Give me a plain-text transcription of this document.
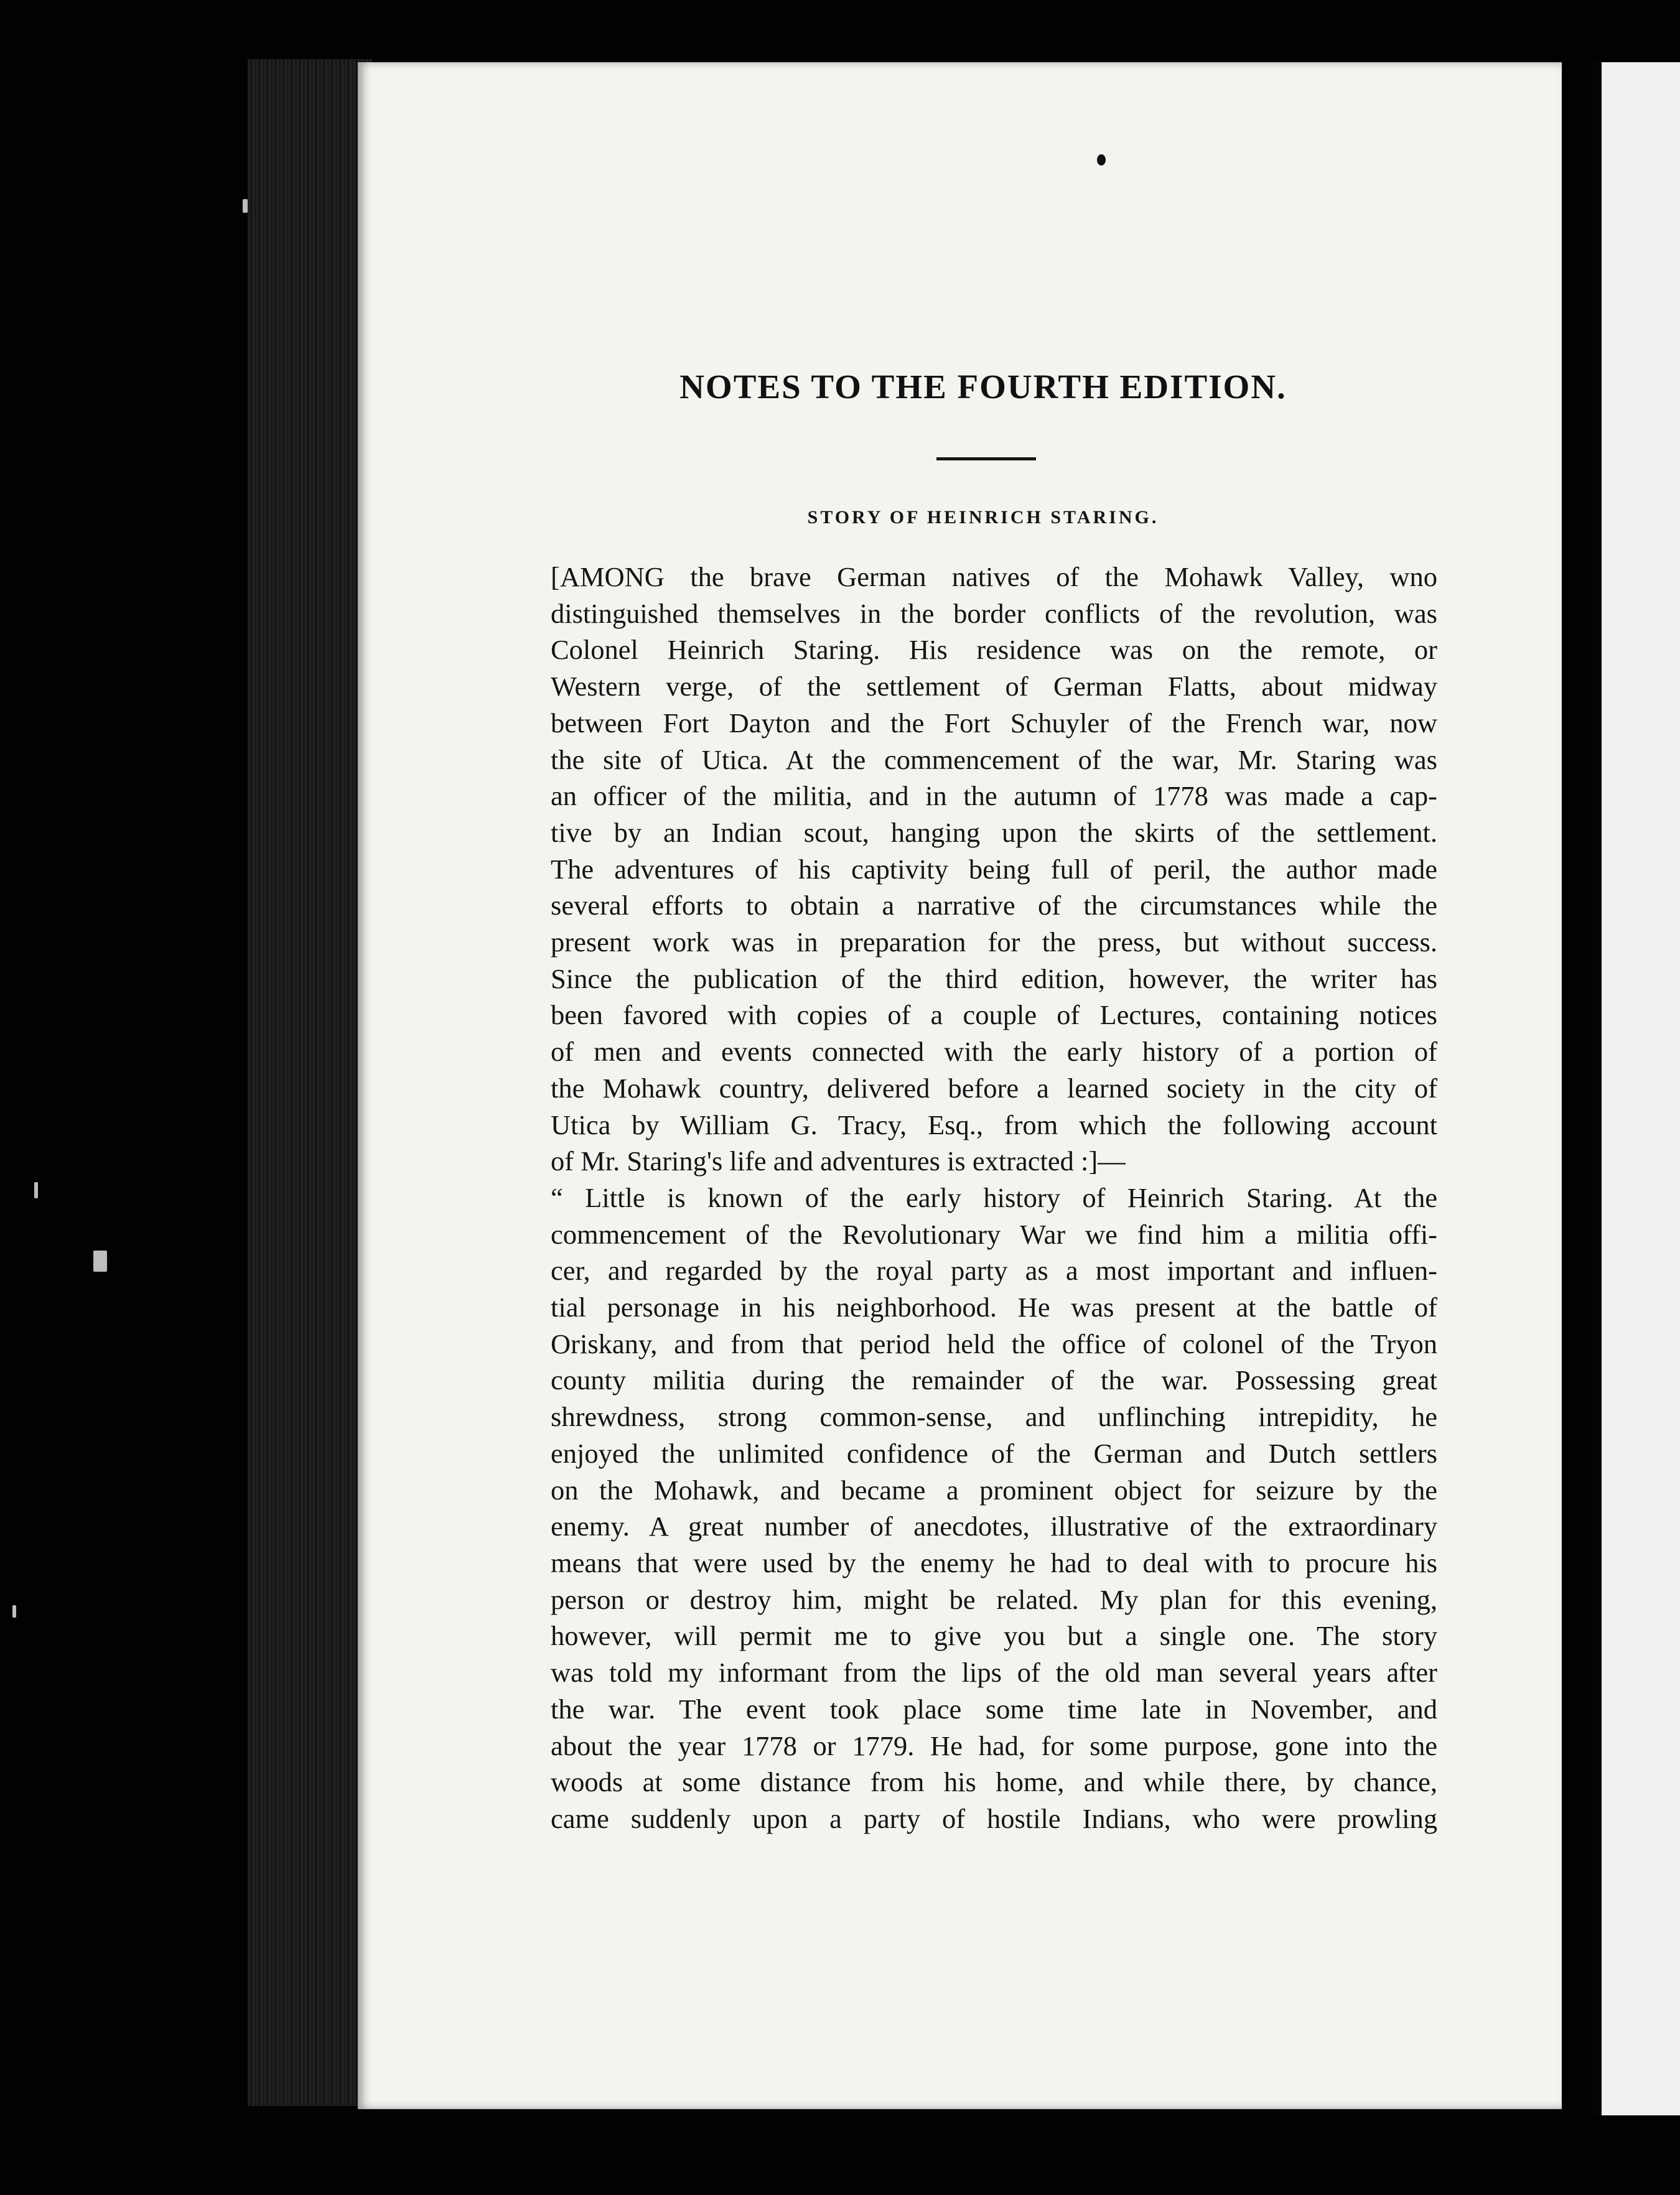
NOTES TO THE FOURTH EDITION.
STORY OF HEINRICH STARING.
[AMONG the brave German natives of the Mohawk Valley, wno
distinguished themselves in the border conflicts of the revolution, was
Colonel Heinrich Staring. His residence was on the remote, or
Western verge, of the settlement of German Flatts, about midway
between Fort Dayton and the Fort Schuyler of the French war, now
the site of Utica. At the commencement of the war, Mr. Staring was
an officer of the militia, and in the autumn of 1778 was made a cap-
tive by an Indian scout, hanging upon the skirts of the settlement.
The adventures of his captivity being full of peril, the author made
several efforts to obtain a narrative of the circumstances while the
present work was in preparation for the press, but without success.
Since the publication of the third edition, however, the writer has
been favored with copies of a couple of Lectures, containing notices
of men and events connected with the early history of a portion of
the Mohawk country, delivered before a learned society in the city of
Utica by William G. Tracy, Esq., from which the following account
of Mr. Staring's life and adventures is extracted :]—
“ Little is known of the early history of Heinrich Staring. At the
commencement of the Revolutionary War we find him a militia offi-
cer, and regarded by the royal party as a most important and influen-
tial personage in his neighborhood. He was present at the battle of
Oriskany, and from that period held the office of colonel of the Tryon
county militia during the remainder of the war. Possessing great
shrewdness, strong common-sense, and unflinching intrepidity, he
enjoyed the unlimited confidence of the German and Dutch settlers
on the Mohawk, and became a prominent object for seizure by the
enemy. A great number of anecdotes, illustrative of the extraordinary
means that were used by the enemy he had to deal with to procure his
person or destroy him, might be related. My plan for this evening,
however, will permit me to give you but a single one. The story
was told my informant from the lips of the old man several years after
the war. The event took place some time late in November, and
about the year 1778 or 1779. He had, for some purpose, gone into the
woods at some distance from his home, and while there, by chance,
came suddenly upon a party of hostile Indians, who were prowling
